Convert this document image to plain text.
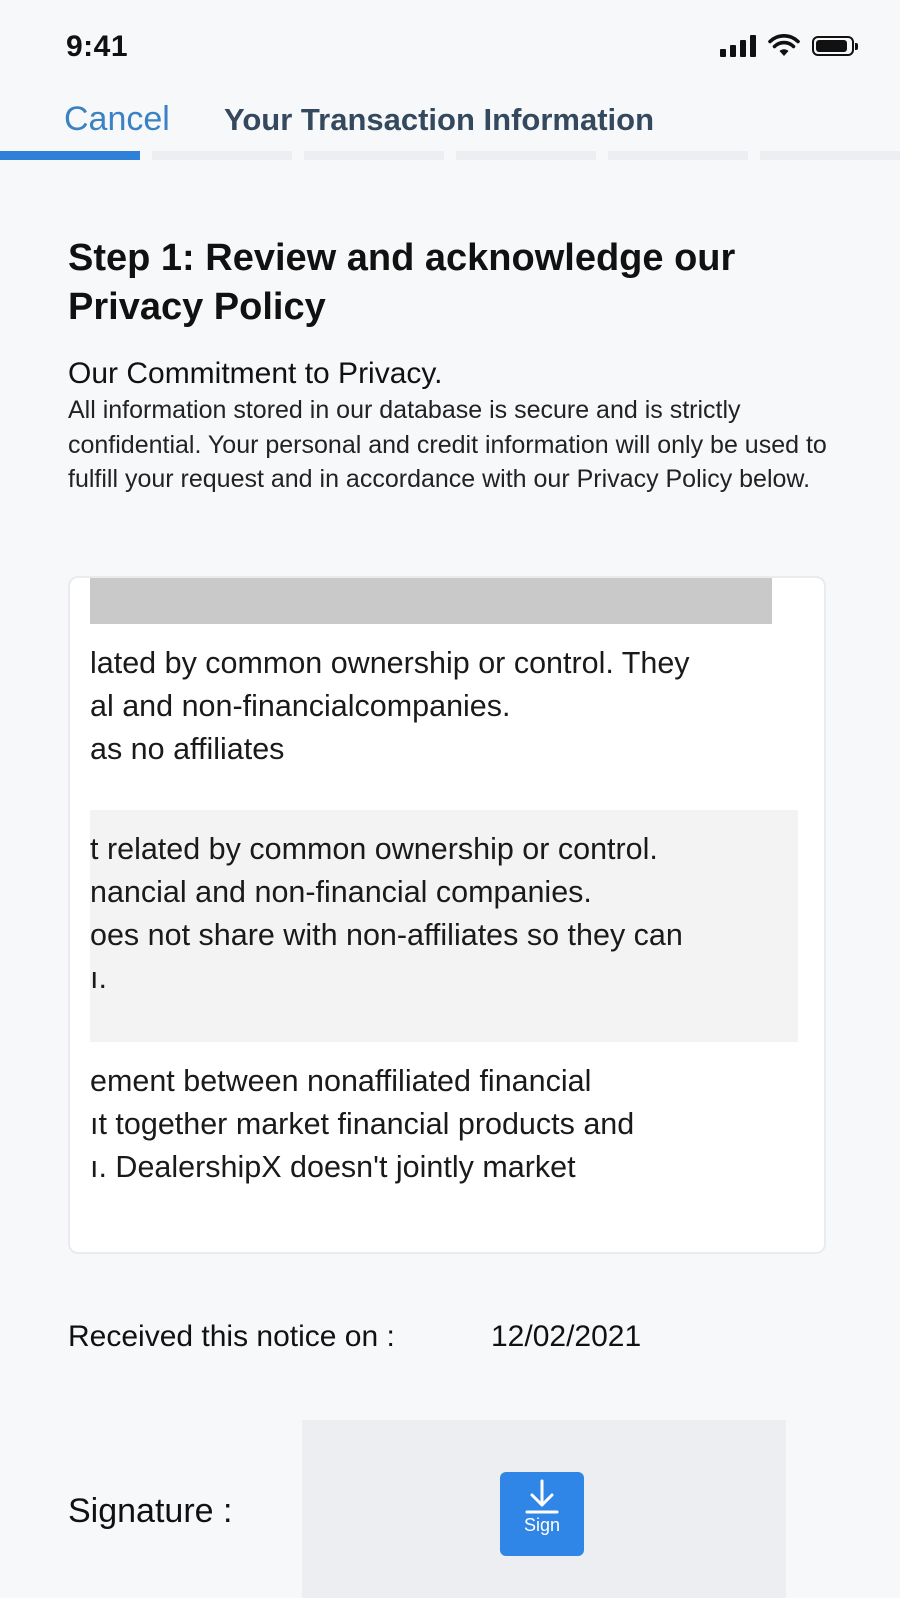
9:41
Cancel Your Transaction Information
Step 1: Review and acknowledge our Privacy Policy
Our Commitment to Privacy.
All information stored in our database is secure and is strictly confidential. Your personal and credit information will only be used to fulfill your request and in accordance with our Privacy Policy below.
lated by common ownership or control. They
al and non-financialcompanies.
as no affiliates
t related by common ownership or control.
nancial and non-financial companies.
oes not share with non-affiliates so they can
ı.
ement between nonaffiliated financial
ıt together market financial products and
ı. DealershipX doesn't jointly market
Received this notice on :	12/02/2021
Signature :	Sign
